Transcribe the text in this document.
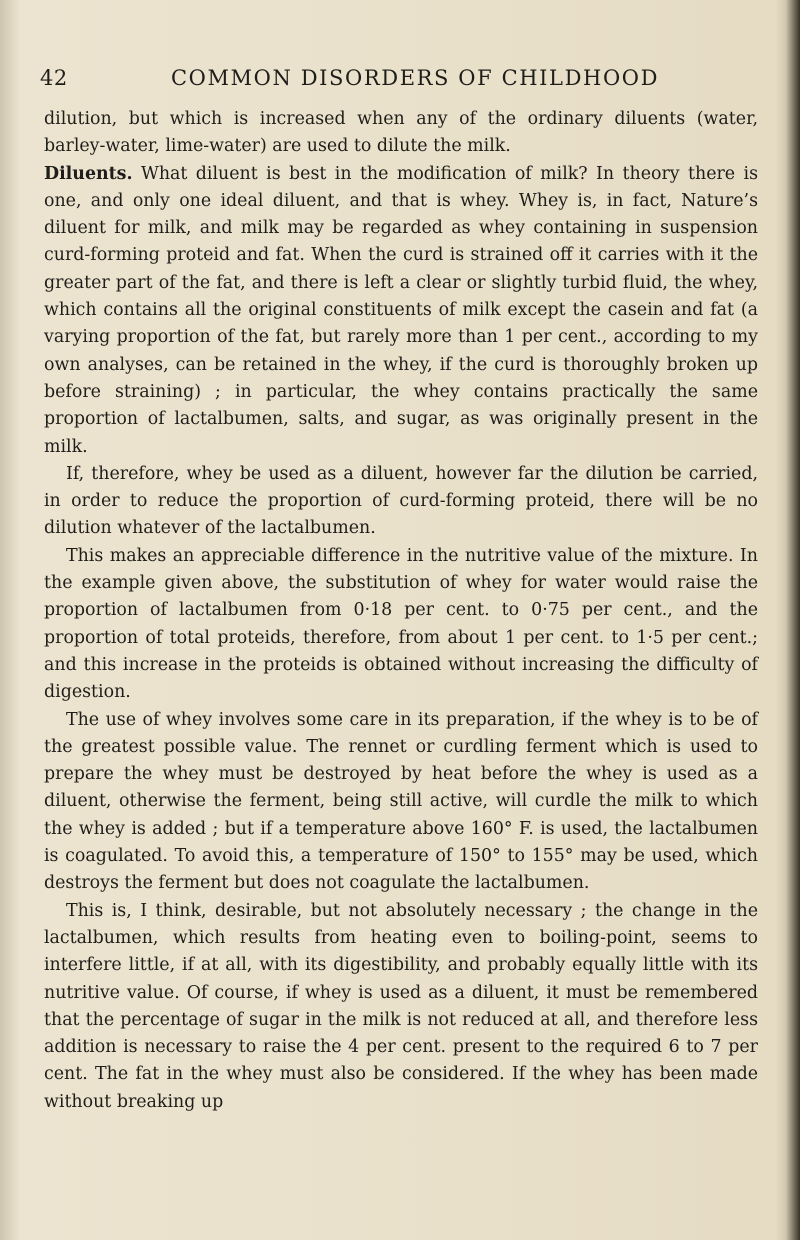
42	COMMON DISORDERS OF CHILDHOOD

dilution, but which is increased when any of the ordinary diluents (water, barley-water, lime-water) are used to dilute the milk.

Diluents. What diluent is best in the modification of milk? In theory there is one, and only one ideal diluent, and that is whey. Whey is, in fact, Nature’s diluent for milk, and milk may be regarded as whey containing in suspension curd-forming proteid and fat. When the curd is strained off it carries with it the greater part of the fat, and there is left a clear or slightly turbid fluid, the whey, which contains all the original constituents of milk except the casein and fat (a varying proportion of the fat, but rarely more than 1 per cent., according to my own analyses, can be retained in the whey, if the curd is thoroughly broken up before straining) ; in particular, the whey contains practically the same proportion of lactalbumen, salts, and sugar, as was originally present in the milk.

If, therefore, whey be used as a diluent, however far the dilution be carried, in order to reduce the proportion of curd-forming proteid, there will be no dilution whatever of the lactalbumen.

This makes an appreciable difference in the nutritive value of the mixture. In the example given above, the substitution of whey for water would raise the proportion of lactalbumen from 0·18 per cent. to 0·75 per cent., and the proportion of total proteids, therefore, from about 1 per cent. to 1·5 per cent.; and this increase in the proteids is obtained without increasing the difficulty of digestion.

The use of whey involves some care in its preparation, if the whey is to be of the greatest possible value. The rennet or curdling ferment which is used to prepare the whey must be destroyed by heat before the whey is used as a diluent, otherwise the ferment, being still active, will curdle the milk to which the whey is added ; but if a temperature above 160° F. is used, the lactalbumen is coagulated. To avoid this, a temperature of 150° to 155° may be used, which destroys the ferment but does not coagulate the lactalbumen.

This is, I think, desirable, but not absolutely necessary ; the change in the lactalbumen, which results from heating even to boiling-point, seems to interfere little, if at all, with its digestibility, and probably equally little with its nutritive value. Of course, if whey is used as a diluent, it must be remembered that the percentage of sugar in the milk is not reduced at all, and therefore less addition is necessary to raise the 4 per cent. present to the required 6 to 7 per cent. The fat in the whey must also be considered. If the whey has been made without breaking up
